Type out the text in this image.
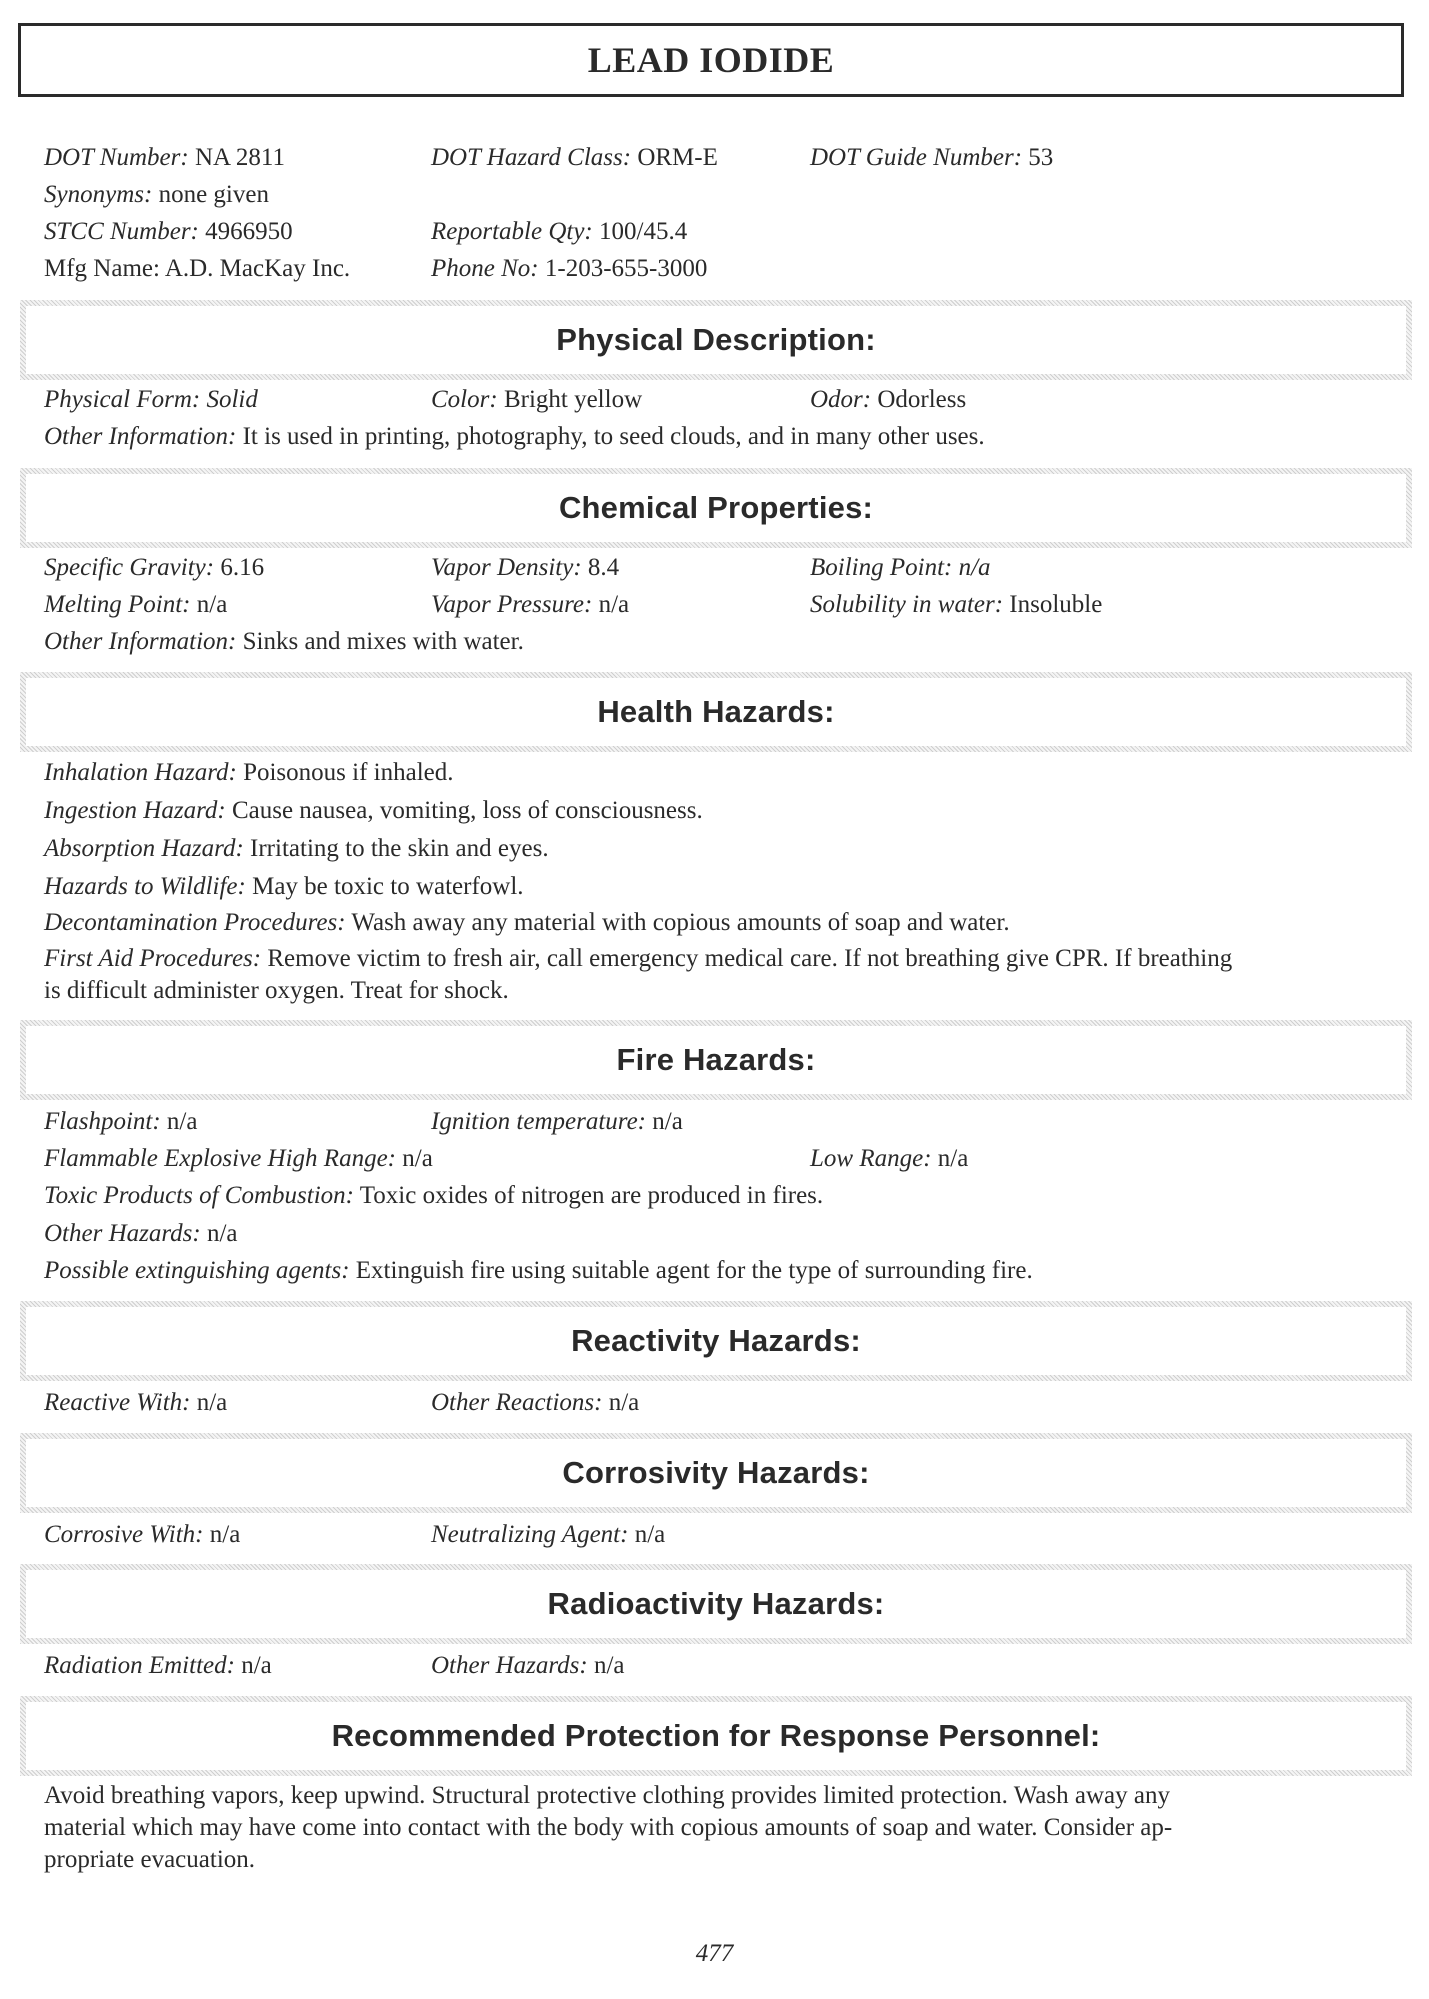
LEAD IODIDE
DOT Number: NA 2811	DOT Hazard Class: ORM-E	DOT Guide Number: 53
Synonyms: none given
STCC Number: 4966950	Reportable Qty: 100/45.4
Mfg Name: A.D. MacKay Inc.	Phone No: 1-203-655-3000
Physical Description:
Physical Form: Solid	Color: Bright yellow	Odor: Odorless
Other Information: It is used in printing, photography, to seed clouds, and in many other uses.
Chemical Properties:
Specific Gravity: 6.16	Vapor Density: 8.4	Boiling Point: n/a
Melting Point: n/a	Vapor Pressure: n/a	Solubility in water: Insoluble
Other Information: Sinks and mixes with water.
Health Hazards:
Inhalation Hazard: Poisonous if inhaled.
Ingestion Hazard: Cause nausea, vomiting, loss of consciousness.
Absorption Hazard: Irritating to the skin and eyes.
Hazards to Wildlife: May be toxic to waterfowl.
Decontamination Procedures: Wash away any material with copious amounts of soap and water.
First Aid Procedures: Remove victim to fresh air, call emergency medical care. If not breathing give CPR. If breathing
is difficult administer oxygen. Treat for shock.
Fire Hazards:
Flashpoint: n/a	Ignition temperature: n/a
Flammable Explosive High Range: n/a	Low Range: n/a
Toxic Products of Combustion: Toxic oxides of nitrogen are produced in fires.
Other Hazards: n/a
Possible extinguishing agents: Extinguish fire using suitable agent for the type of surrounding fire.
Reactivity Hazards:
Reactive With: n/a	Other Reactions: n/a
Corrosivity Hazards:
Corrosive With: n/a	Neutralizing Agent: n/a
Radioactivity Hazards:
Radiation Emitted: n/a	Other Hazards: n/a
Recommended Protection for Response Personnel:
Avoid breathing vapors, keep upwind. Structural protective clothing provides limited protection. Wash away any
material which may have come into contact with the body with copious amounts of soap and water. Consider ap-
propriate evacuation.
477
